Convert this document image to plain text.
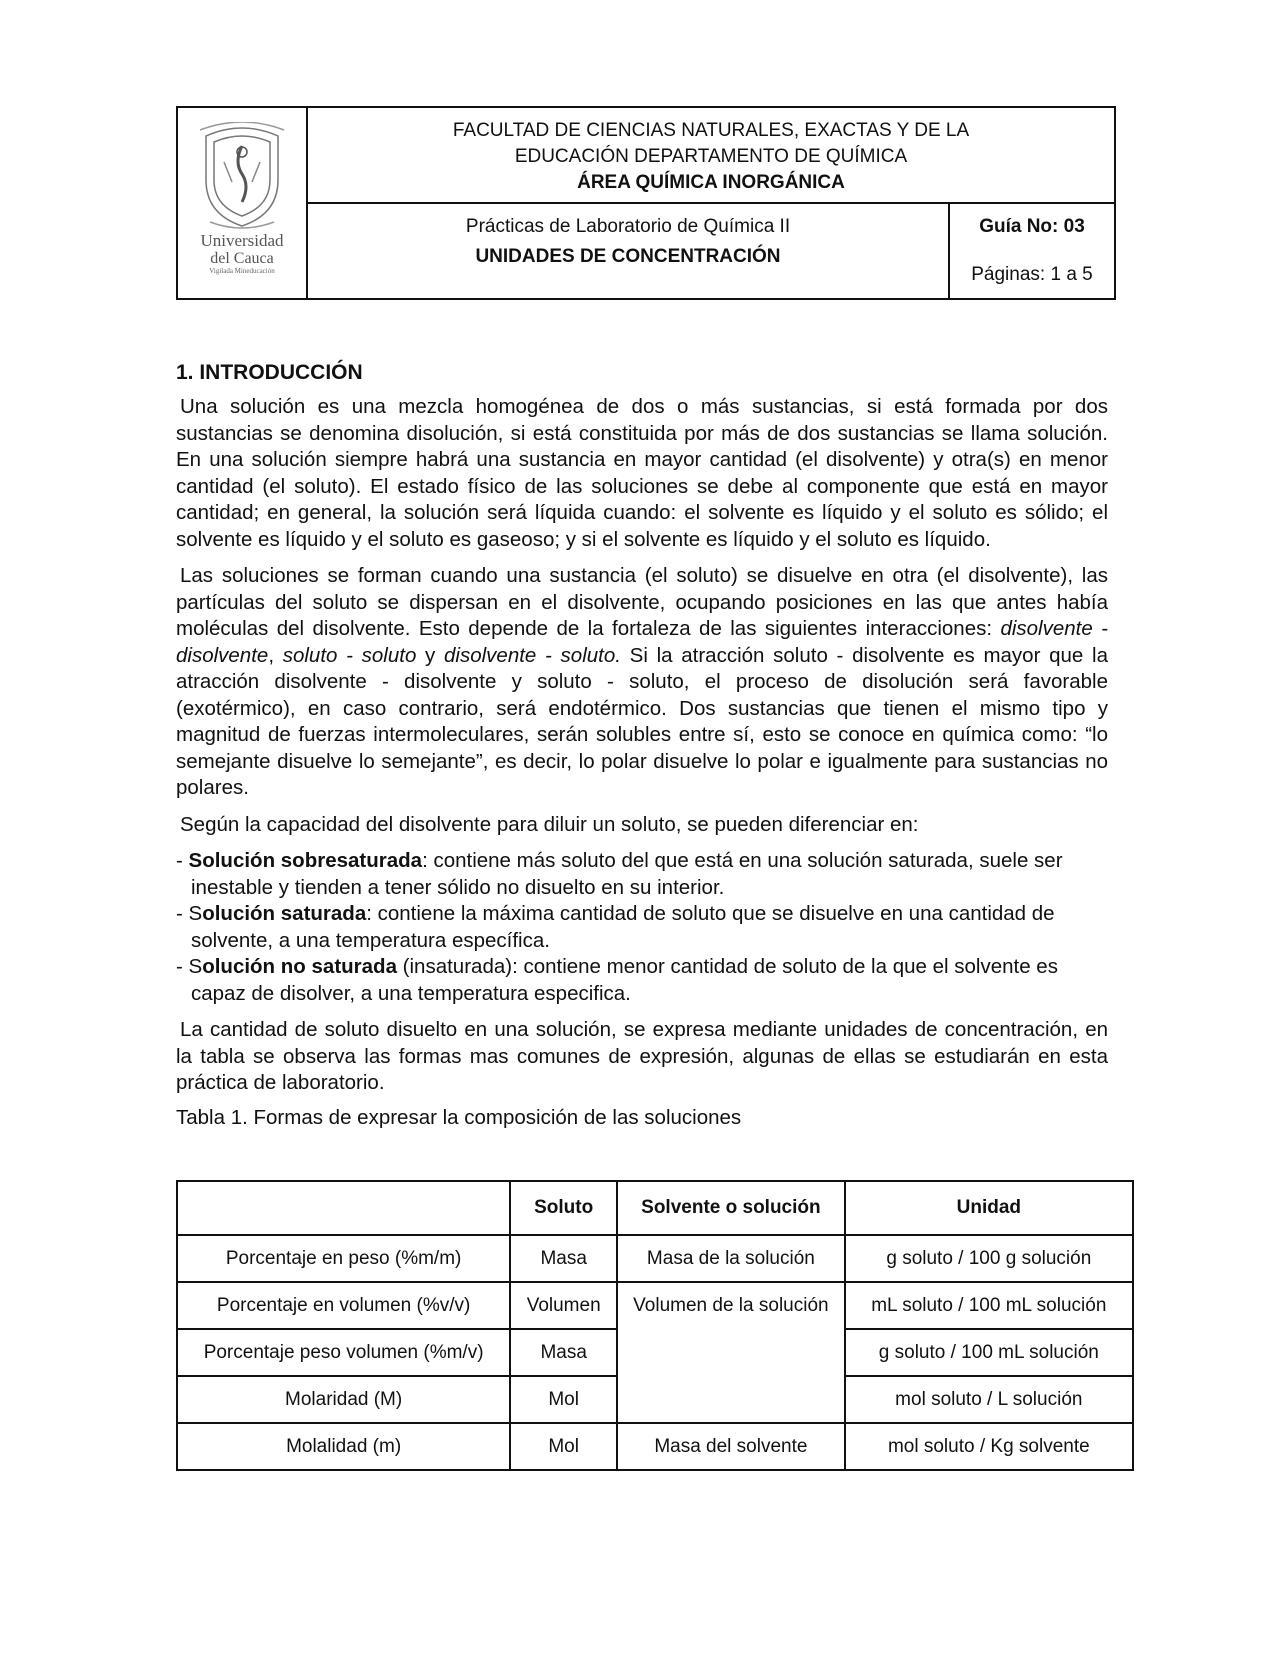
Universidad
del Cauca
Vigilada Mineducación
FACULTAD DE CIENCIAS NATURALES, EXACTAS Y DE LA
EDUCACIÓN DEPARTAMENTO DE QUÍMICA
ÁREA QUÍMICA INORGÁNICA
Prácticas de Laboratorio de Química II
UNIDADES DE CONCENTRACIÓN
Guía No: 03
Páginas: 1 a 5
1. INTRODUCCIÓN

Una solución es una mezcla homogénea de dos o más sustancias, si está formada por dos sustancias se denomina disolución, si está constituida por más de dos sustancias se llama solución. En una solución siempre habrá una sustancia en mayor cantidad (el disolvente) y otra(s) en menor cantidad (el soluto). El estado físico de las soluciones se debe al componente que está en mayor cantidad; en general, la solución será líquida cuando: el solvente es líquido y el soluto es sólido; el solvente es líquido y el soluto es gaseoso; y si el solvente es líquido y el soluto es líquido.

Las soluciones se forman cuando una sustancia (el soluto) se disuelve en otra (el disolvente), las partículas del soluto se dispersan en el disolvente, ocupando posiciones en las que antes había moléculas del disolvente. Esto depende de la fortaleza de las siguientes interacciones: disolvente - disolvente, soluto - soluto y disolvente - soluto. Si la atracción soluto - disolvente es mayor que la atracción disolvente - disolvente y soluto - soluto, el proceso de disolución será favorable (exotérmico), en caso contrario, será endotérmico. Dos sustancias que tienen el mismo tipo y magnitud de fuerzas intermoleculares, serán solubles entre sí, esto se conoce en química como: “lo semejante disuelve lo semejante”, es decir, lo polar disuelve lo polar e igualmente para sustancias no polares.

Según la capacidad del disolvente para diluir un soluto, se pueden diferenciar en:

- Solución sobresaturada: contiene más soluto del que está en una solución saturada, suele ser inestable y tienden a tener sólido no disuelto en su interior.
- Solución saturada: contiene la máxima cantidad de soluto que se disuelve en una cantidad de solvente, a una temperatura específica.
- Solución no saturada (insaturada): contiene menor cantidad de soluto de la que el solvente es capaz de disolver, a una temperatura especifica.

La cantidad de soluto disuelto en una solución, se expresa mediante unidades de concentración, en la tabla se observa las formas mas comunes de expresión, algunas de ellas se estudiarán en esta práctica de laboratorio.

Tabla 1. Formas de expresar la composición de las soluciones
	Soluto	Solvente o solución	Unidad
Porcentaje en peso (%m/m)	Masa	Masa de la solución	g soluto / 100 g solución
Porcentaje en volumen (%v/v)	Volumen	Volumen de la solución	mL soluto / 100 mL solución
Porcentaje peso volumen (%m/v)	Masa		g soluto / 100 mL solución
Molaridad (M)	Mol		mol soluto / L solución
Molalidad (m)	Mol	Masa del solvente	mol soluto / Kg solvente
